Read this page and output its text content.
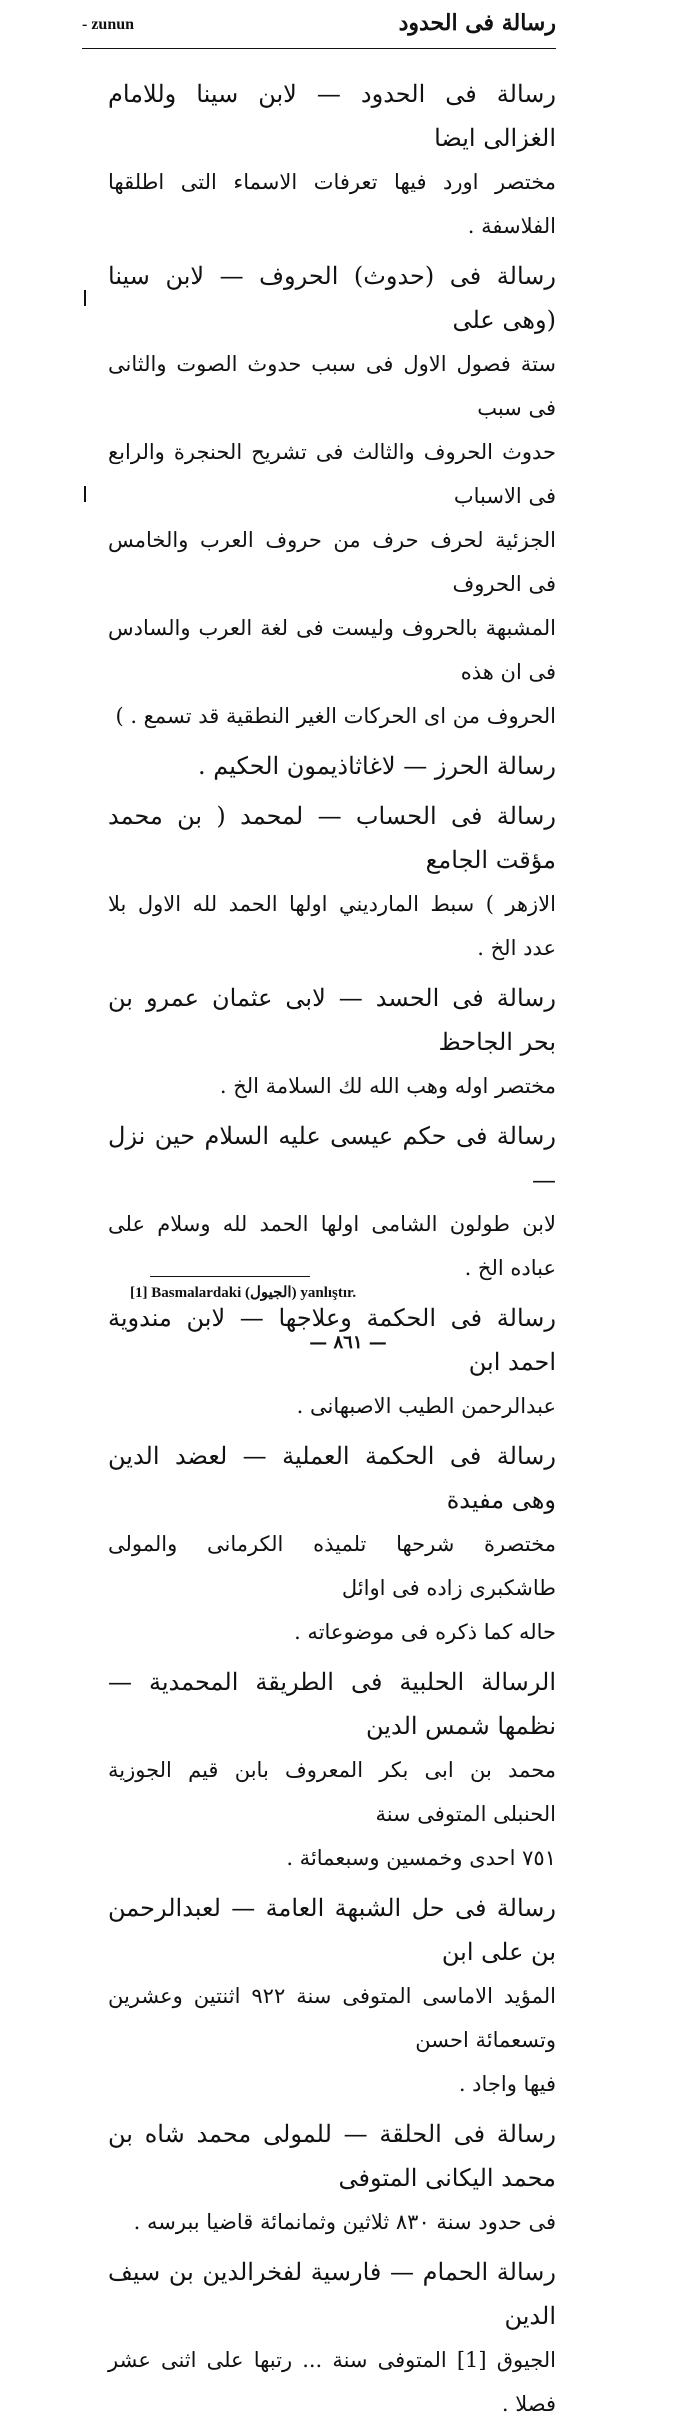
- zunun	رسالة فى الحدود
رسالة فى الحدود — لابن سينا وللامام الغزالى ايضا
مختصر اورد فيها تعرفات الاسماء التى اطلقها الفلاسفة .
رسالة فى (حدوث) الحروف — لابن سينا (وهى على
ستة فصول الاول فى سبب حدوث الصوت والثانى فى سبب
حدوث الحروف والثالث فى تشريح الحنجرة والرابع فى الاسباب
الجزئية لحرف حرف من حروف العرب والخامس فى الحروف
المشبهة بالحروف وليست فى لغة العرب والسادس فى ان هذه
الحروف من اى الحركات الغير النطقية قد تسمع . )
رسالة الحرز — لاغاثاذيمون الحكيم .
رسالة فى الحساب — لمحمد ( بن محمد مؤقت الجامع
الازهر ) سبط المارديني اولها الحمد لله الاول بلا عدد الخ .
رسالة فى الحسد — لابى عثمان عمرو بن بحر الجاحظ
مختصر اوله وهب الله لك السلامة الخ .
رسالة فى حكم عيسى عليه السلام حين نزل —
لابن طولون الشامى اولها الحمد لله وسلام على عباده الخ .
رسالة فى الحكمة وعلاجها — لابن مندوية احمد ابن
عبدالرحمن الطيب الاصبهانى .
رسالة فى الحكمة العملية — لعضد الدين وهى مفيدة
مختصرة شرحها تلميذه الكرمانى والمولى طاشكبرى زاده فى اوائل
حاله كما ذكره فى موضوعاته .
الرسالة الحلبية فى الطريقة المحمدية — نظمها شمس الدين
محمد بن ابى بكر المعروف بابن قيم الجوزية الحنبلى المتوفى سنة
٧٥١ احدى وخمسين وسبعمائة .
رسالة فى حل الشبهة العامة — لعبدالرحمن بن على ابن
المؤيد الاماسى المتوفى سنة ٩٢٢ اثنتين وعشرين وتسعمائة احسن
فيها واجاد .
رسالة فى الحلقة — للمولى محمد شاه بن محمد اليكانى المتوفى
فى حدود سنة ٨٣٠ ثلاثين وثمانمائة قاضيا ببرسه .
رسالة الحمام — فارسية لفخرالدين بن سيف الدين
الجيوق [1] المتوفى سنة ... رتبها على اثنى عشر فصلا .
[1] Basmalardaki (الجيول) yanlıştır.
— ٨٦١ —
